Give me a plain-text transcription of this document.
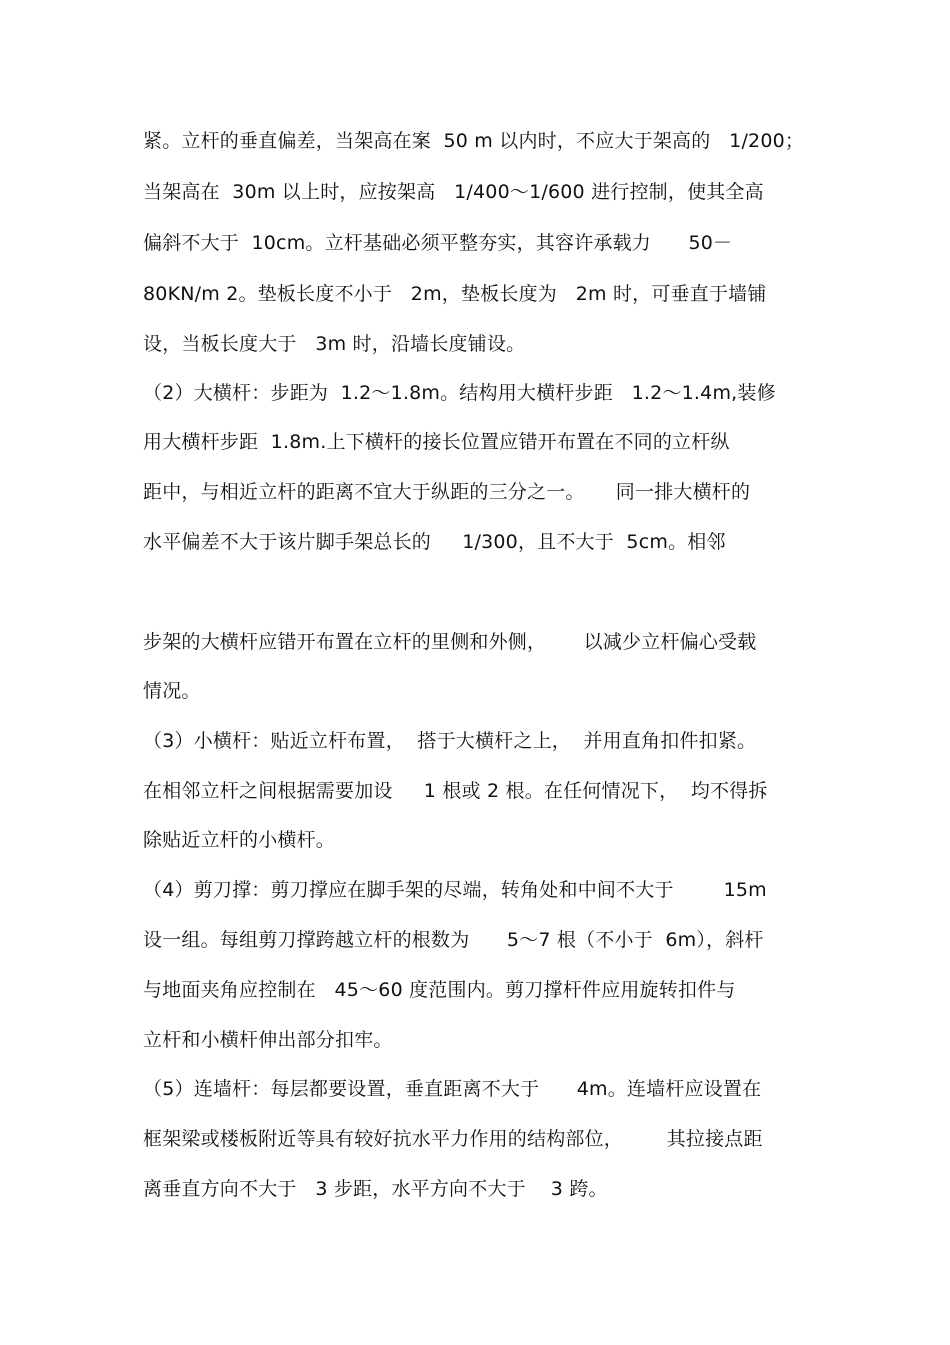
紧。立杆的垂直偏差，当架高在案  50 m 以内时，不应大于架高的   1/200；
当架高在  30m 以上时，应按架高   1/400～1/600 进行控制，使其全高
偏斜不大于  10cm。立杆基础必须平整夯实，其容许承载力      50－
80KN/m 2。垫板长度不小于   2m，垫板长度为   2m 时，可垂直于墙铺
设，当板长度大于   3m 时，沿墙长度铺设。
（2）大横杆：步距为  1.2～1.8m。结构用大横杆步距   1.2～1.4m,装修
用大横杆步距  1.8m.上下横杆的接长位置应错开布置在不同的立杆纵
距中，与相近立杆的距离不宜大于纵距的三分之一。     同一排大横杆的
水平偏差不大于该片脚手架总长的     1/300，且不大于  5cm。相邻
步架的大横杆应错开布置在立杆的里侧和外侧，      以减少立杆偏心受载
情况。
（3）小横杆：贴近立杆布置，  搭于大横杆之上，  并用直角扣件扣紧。
在相邻立杆之间根据需要加设     1 根或 2 根。在任何情况下，  均不得拆
除贴近立杆的小横杆。
（4）剪刀撑：剪刀撑应在脚手架的尽端，转角处和中间不大于        15m
设一组。每组剪刀撑跨越立杆的根数为      5～7 根（不小于  6m），斜杆
与地面夹角应控制在   45～60 度范围内。剪刀撑杆件应用旋转扣件与
立杆和小横杆伸出部分扣牢。
（5）连墙杆：每层都要设置，垂直距离不大于      4m。连墙杆应设置在
框架梁或楼板附近等具有较好抗水平力作用的结构部位，       其拉接点距
离垂直方向不大于   3 步距，水平方向不大于    3 跨。
